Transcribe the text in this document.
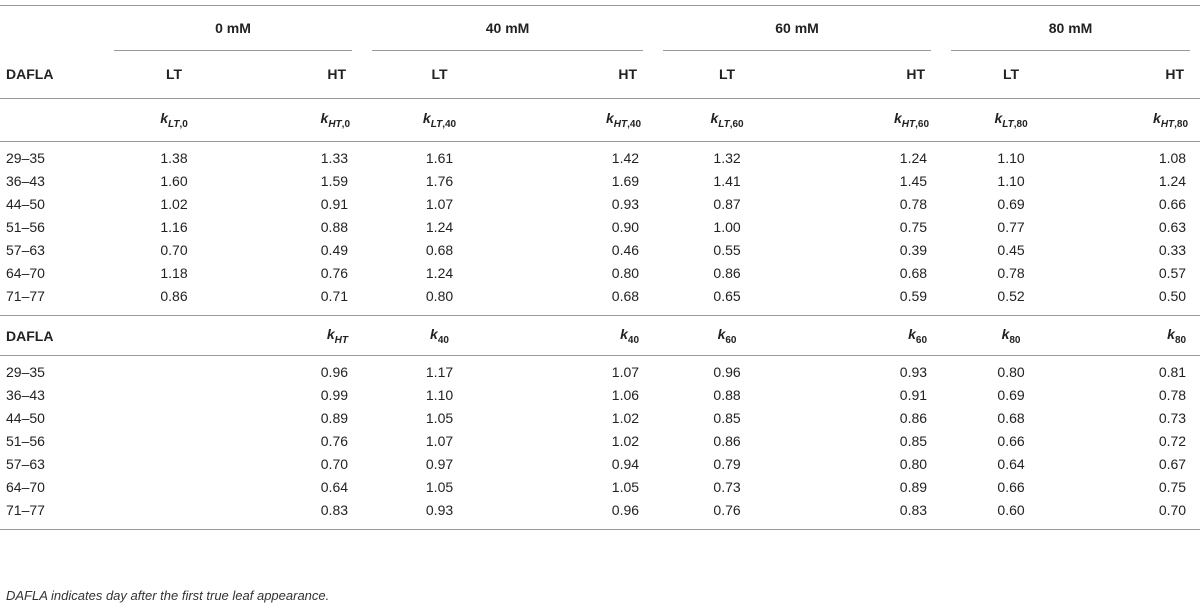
	0 mM		40 mM		60 mM		80 mM	

DAFLA	LT	HT	LT	HT	LT	HT	LT	HT
	$k_{LT,0}$	$k_{HT,0}$	$k_{LT,40}$	$k_{HT,40}$	$k_{LT,60}$	$k_{HT,60}$	$k_{LT,80}$	$k_{HT,80}$

29–35	1.38	1.33	1.61	1.42	1.32	1.24	1.10	1.08
36–43	1.60	1.59	1.76	1.69	1.41	1.45	1.10	1.24
44–50	1.02	0.91	1.07	0.93	0.87	0.78	0.69	0.66
51–56	1.16	0.88	1.24	0.90	1.00	0.75	0.77	0.63
57–63	0.70	0.49	0.68	0.46	0.55	0.39	0.45	0.33
64–70	1.18	0.76	1.24	0.80	0.86	0.68	0.78	0.57
71–77	0.86	0.71	0.80	0.68	0.65	0.59	0.52	0.50
DAFLA		$k_{HT}$	$k_{40}$	$k_{40}$	$k_{60}$	$k_{60}$	$k_{80}$	$k_{80}$

29–35		0.96	1.17	1.07	0.96	0.93	0.80	0.81
36–43		0.99	1.10	1.06	0.88	0.91	0.69	0.78
44–50		0.89	1.05	1.02	0.85	0.86	0.68	0.73
51–56		0.76	1.07	1.02	0.86	0.85	0.66	0.72
57–63		0.70	0.97	0.94	0.79	0.80	0.64	0.67
64–70		0.64	1.05	1.05	0.73	0.89	0.66	0.75
71–77		0.83	0.93	0.96	0.76	0.83	0.60	0.70
DAFLA indicates day after the first true leaf appearance.
